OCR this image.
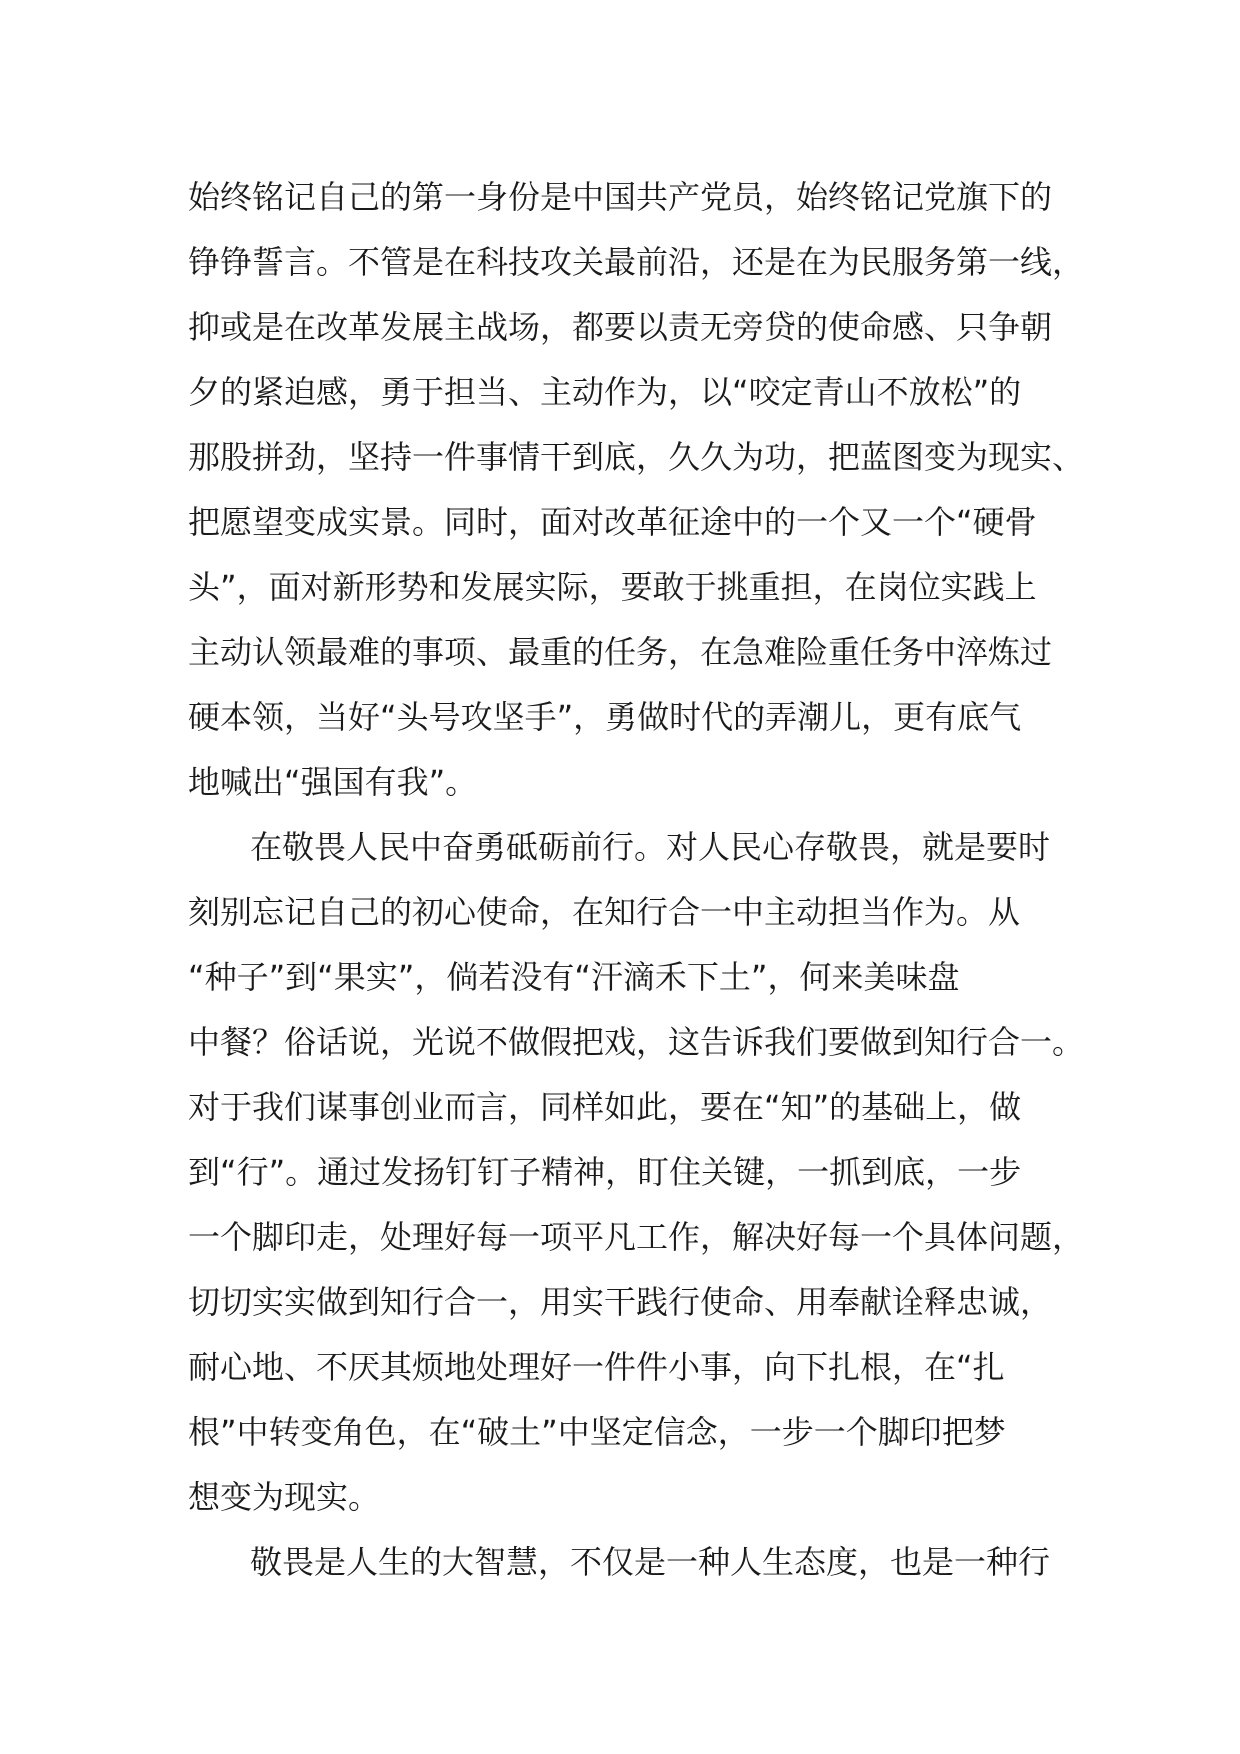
始终铭记自己的第一身份是中国共产党员，始终铭记党旗下的
铮铮誓言。不管是在科技攻关最前沿，还是在为民服务第一线，
抑或是在改革发展主战场，都要以责无旁贷的使命感、只争朝
夕的紧迫感，勇于担当、主动作为，以“咬定青山不放松”的
那股拼劲，坚持一件事情干到底，久久为功，把蓝图变为现实、
把愿望变成实景。同时，面对改革征途中的一个又一个“硬骨
头”，面对新形势和发展实际，要敢于挑重担，在岗位实践上
主动认领最难的事项、最重的任务，在急难险重任务中淬炼过
硬本领，当好“头号攻坚手”，勇做时代的弄潮儿，更有底气
地喊出“强国有我”。
在敬畏人民中奋勇砥砺前行。对人民心存敬畏，就是要时
刻别忘记自己的初心使命，在知行合一中主动担当作为。从
“种子”到“果实”，倘若没有“汗滴禾下土”，何来美味盘
中餐？俗话说，光说不做假把戏，这告诉我们要做到知行合一。
对于我们谋事创业而言，同样如此，要在“知”的基础上，做
到“行”。通过发扬钉钉子精神，盯住关键，一抓到底，一步
一个脚印走，处理好每一项平凡工作，解决好每一个具体问题，
切切实实做到知行合一，用实干践行使命、用奉献诠释忠诚，
耐心地、不厌其烦地处理好一件件小事，向下扎根，在“扎
根”中转变角色，在“破土”中坚定信念，一步一个脚印把梦
想变为现实。
敬畏是人生的大智慧，不仅是一种人生态度，也是一种行
